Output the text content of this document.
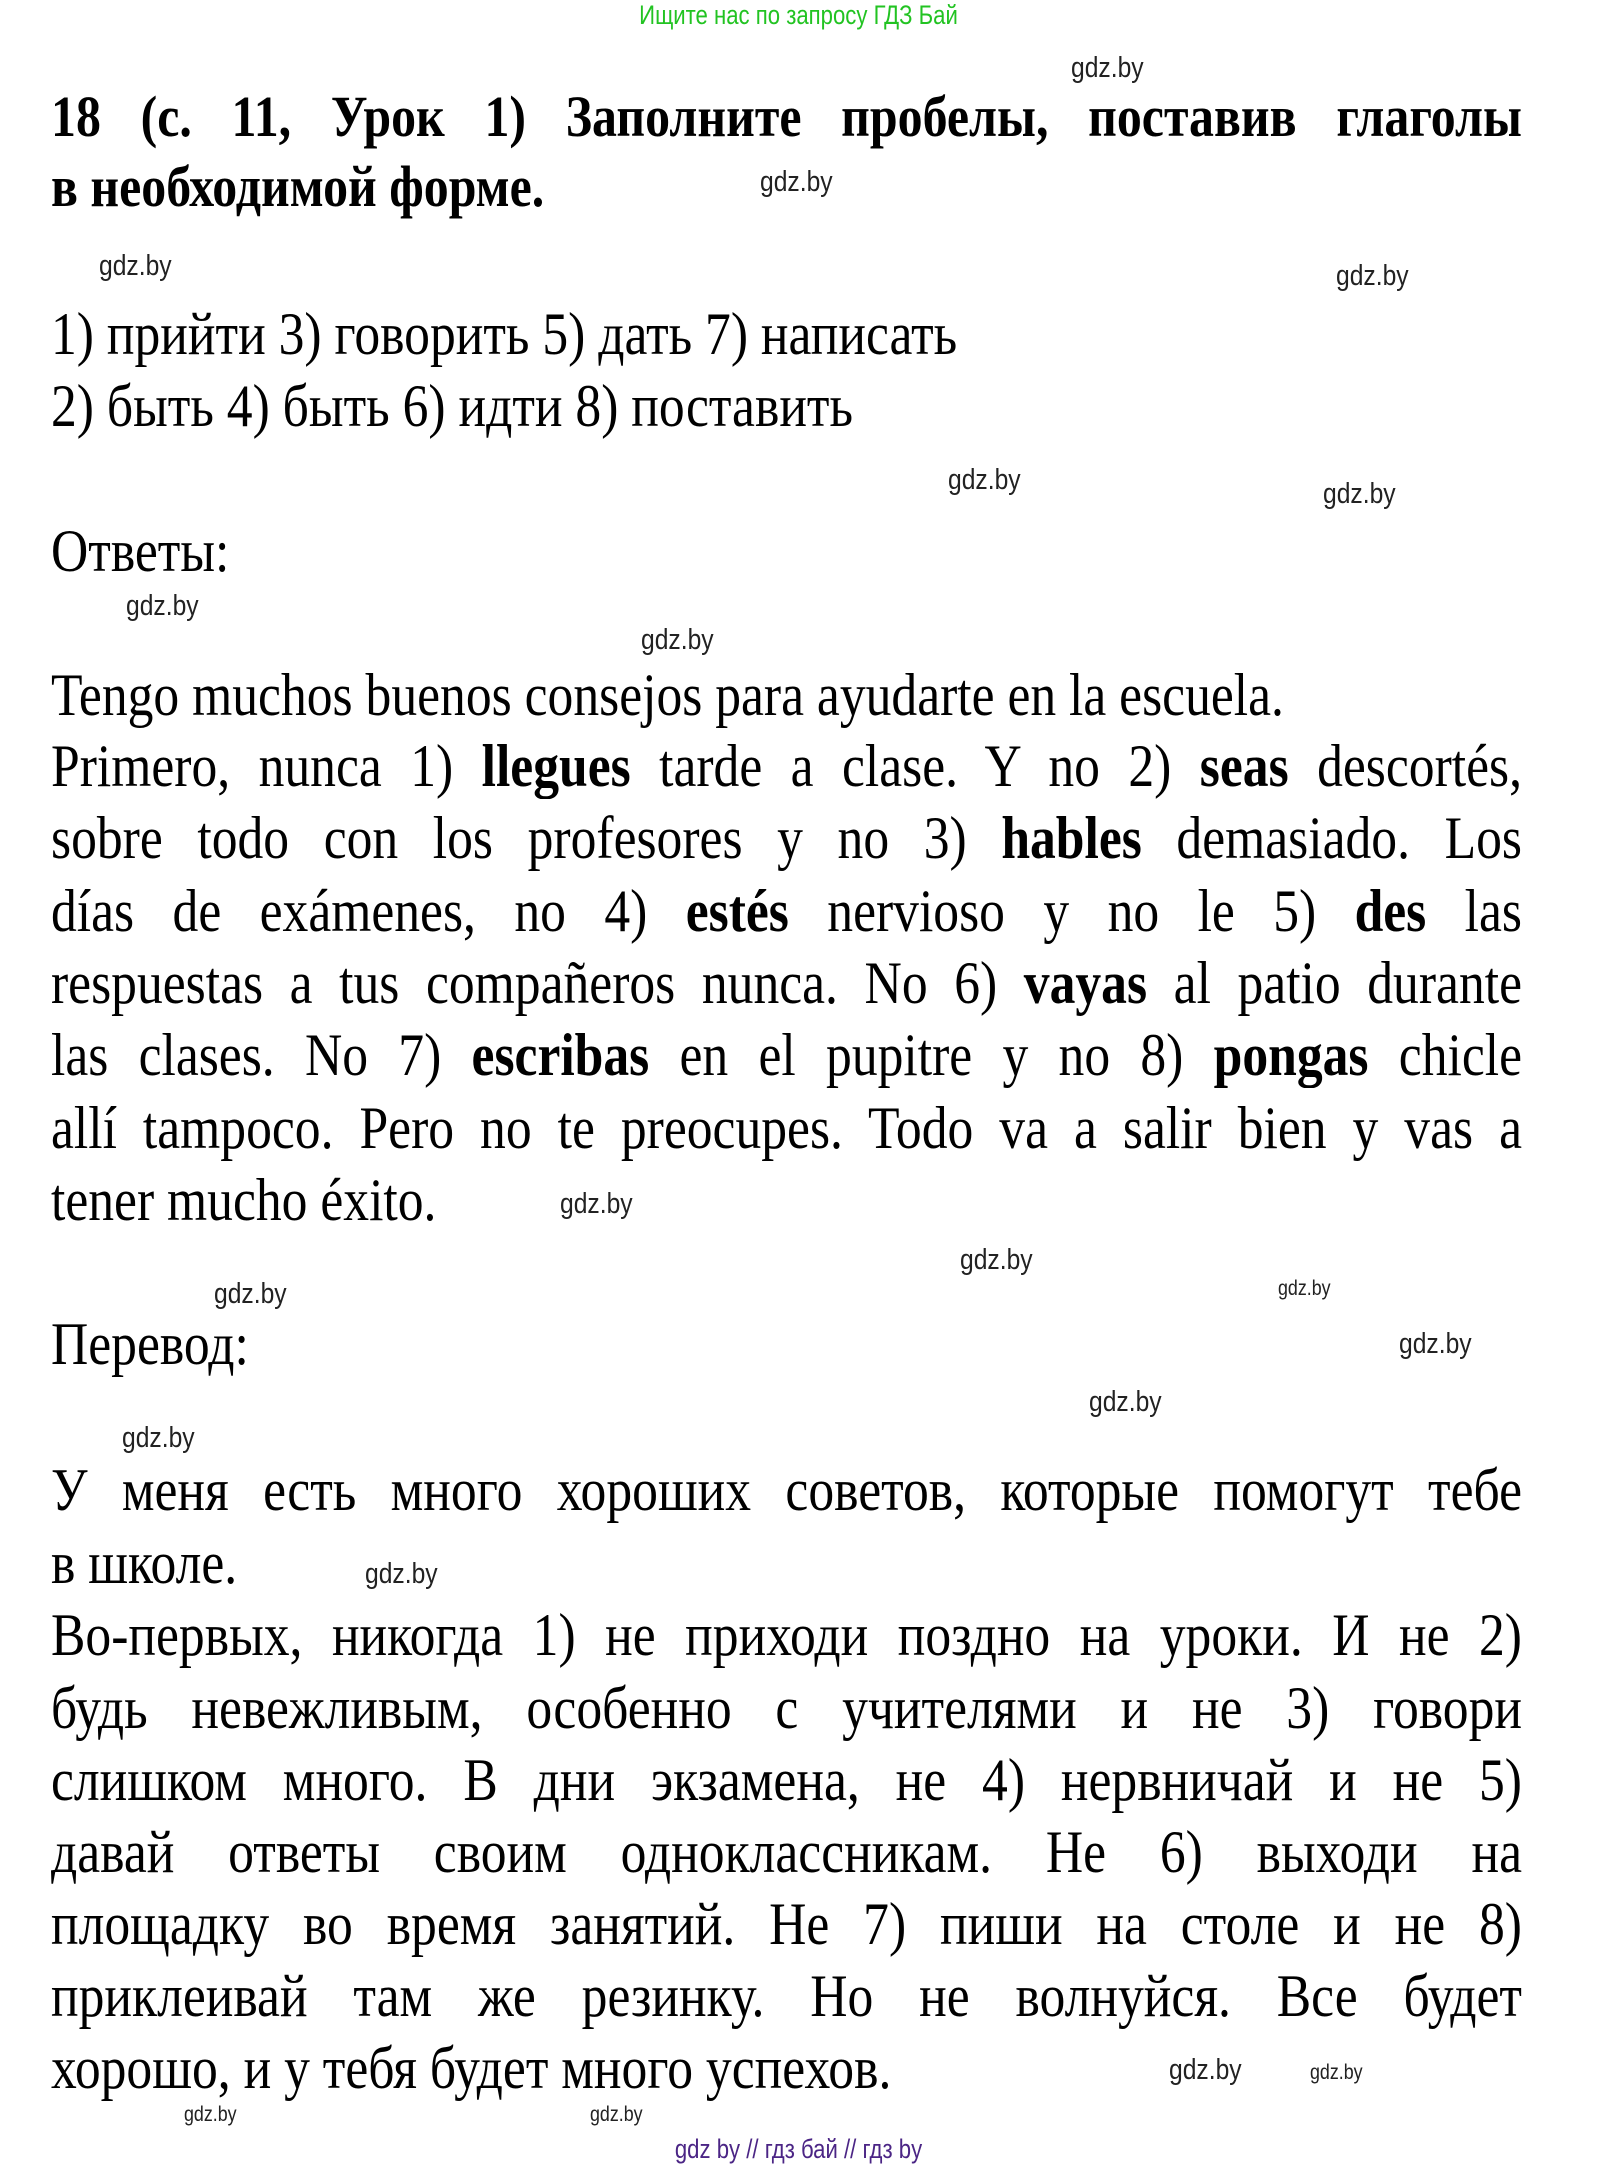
Ищите нас по запросу ГДЗ Бай
gdz by // гдз бай // гдз by
18 (с. 11, Урок 1) Заполните пробелы, поставив глаголы
в необходимой форме.
1) прийти 3) говорить 5) дать 7) написать
2) быть 4) быть 6) идти 8) поставить
Ответы:
Tengo muchos buenos consejos para ayudarte en la escuela.
Primero, nunca 1) llegues tarde a clase. Y no 2) seas descortés,
sobre todo con los profesores y no 3) hables demasiado. Los
días de exámenes, no 4) estés nervioso y no le 5) des las
respuestas a tus compañeros nunca. No 6) vayas al patio durante
las clases. No 7) escribas en el pupitre y no 8) pongas chicle
allí tampoco. Pero no te preocupes. Todo va a salir bien y vas a
tener mucho éxito.
Перевод:
У меня есть много хороших советов, которые помогут тебе
в школе.
Во-первых, никогда 1) не приходи поздно на уроки. И не 2)
будь невежливым, особенно с учителями и не 3) говори
слишком много. В дни экзамена, не 4) нервничай и не 5)
давай ответы своим одноклассникам. Не 6) выходи на
площадку во время занятий. Не 7) пиши на столе и не 8)
приклеивай там же резинку. Но не волнуйся. Все будет
хорошо, и у тебя будет много успехов.
gdz.by
gdz.by
gdz.by	gdz.by
gdz.by	gdz.by
gdz.by
gdz.by
gdz.by
gdz.by
gdz.by
gdz.by
gdz.by
gdz.by
gdz.by
gdz.by
gdz.by
gdz.by
gdz.by
gdz.by
